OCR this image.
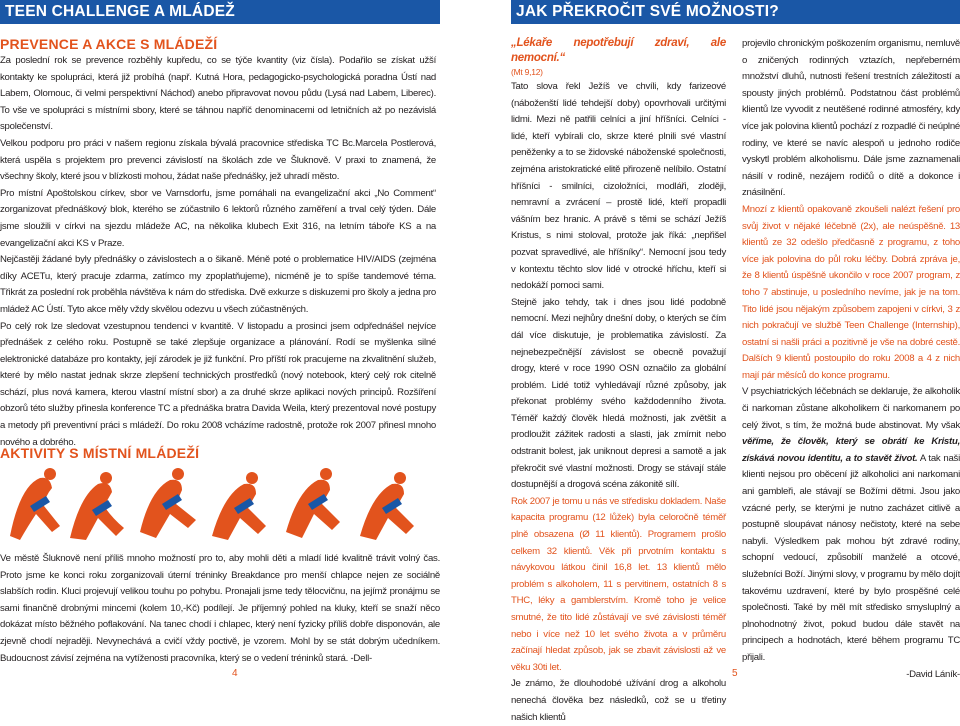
TEEN CHALLENGE A MLÁDEŽ	JAK PŘEKROČIT SVÉ MOŽNOSTI?
PREVENCE A AKCE S MLÁDEŽÍ

Za poslední rok se prevence rozběhly kupředu, co se týče kvantity (viz čísla). Podařilo se získat užší kontakty ke spolupráci, která již probíhá (např. Kutná Hora, pedagogicko-psychologická poradna Ústí nad Labem, Olomouc, či velmi perspektivní Náchod) anebo připravovat novou půdu (Lysá nad Labem, Liberec). To vše ve spolupráci s místními sbory, které se táhnou napříč denominacemi od letničních až po nezávislá společenství.

Velkou podporu pro práci v našem regionu získala bývalá pracovnice střediska TC Bc.Marcela Postlerová, která uspěla s projektem pro prevenci závislostí na školách zde ve Šluknově. V praxi to znamená, že všechny školy, které jsou v blízkosti mohou, žádat naše přednášky, jež uhradí město.

Pro místní Apoštolskou církev, sbor ve Varnsdorfu, jsme pomáhali na evangelizační akci „No Comment“ zorganizovat přednáškový blok, kterého se zúčastnilo 6 lektorů různého zaměření a trval celý týden. Dále jsme sloužili v církvi na sjezdu mládeže AC, na několika klubech Exit 316, na letním táboře KS a na evangelizační akci KS v Praze.

Nejčastěji žádané byly přednášky o závislostech a o šikaně. Méně poté o problematice HIV/AIDS (zejména díky ACETu, který pracuje zdarma, zatímco my zpoplatňujeme), nicméně je to spíše tandemové téma. Třikrát za poslední rok proběhla návštěva k nám do střediska. Dvě exkurze s diskuzemi pro školy a jedna pro mládež AC Ústí. Tyto akce měly vždy skvělou odezvu u všech zúčastněných.

Po celý rok lze sledovat vzestupnou tendenci v kvantitě. V listopadu a prosinci jsem odpřednášel nejvíce přednášek z celého roku. Postupně se také zlepšuje organizace a plánování. Rodí se myšlenka silné elektronické databáze pro kontakty, její zárodek je již funkční. Pro příští rok pracujeme na zkvalitnění služeb, které by mělo nastat jednak skrze zlepšení technických prostředků (nový notebook, který celý rok citelně schází, plus nová kamera, kterou vlastní místní sbor) a za druhé skrze aplikaci nových principů. Rozšíření obzorů této služby přinesla konference TC a přednáška bratra Davida Weila, který prezentoval nové postupy a metody při preventivní práci s mládeží. Do roku 2008 vcházíme radostně, protože rok 2007 přinesl mnoho nového a dobrého.

AKTIVITY S MÍSTNÍ MLÁDEŽÍ

Ve městě Šluknově není příliš mnoho možností pro to, aby mohli děti a mladí lidé kvalitně trávit volný čas. Proto jsme ke konci roku zorganizovali úterní tréninky Breakdance pro menší chlapce nejen ze sociálně slabších rodin. Kluci projevují velikou touhu po pohybu. Pronajali jsme tedy tělocvičnu, na jejímž pronájmu se sami finančně drobnými mincemi (kolem 10,-Kč) podílejí. Je příjemný pohled na kluky, kteří se snaží něco dokázat místo běžného poflakování. Na tanec chodí i chlapec, který není fyzicky příliš dobře disponován, ale zjevně chodí nejraději. Nevynechává a cvičí vždy poctivě, je vzorem. Mohl by se stát dobrým učedníkem. Budoucnost závisí zejména na vytíženosti pracovníka, který se o vedení tréninků stará. -Dell-

„Lékaře nepotřebují zdraví, ale nemocní.“
(Mt 9,12)

Tato slova řekl Ježíš ve chvíli, kdy farizeové (náboženští lidé tehdejší doby) opovrhovali určitými lidmi. Mezi ně patřili celníci a jiní hříšníci. Celníci - lidé, kteří vybírali clo, skrze které plnili své vlastní peněženky a to se židovské náboženské společnosti, zejména aristokratické elitě přirozeně nelíbilo. Ostatní hříšníci - smilníci, cizoložníci, modláři, zloději, nemravní a zvrácení – prostě lidé, kteří propadli vášním bez hranic. A právě s těmi se schází Ježíš Kristus, s nimi stoloval, protože jak říká: „nepřišel pozvat spravedlivé, ale hříšníky“. Nemocní jsou tedy v kontextu těchto slov lidé v otrocké hříchu, kteří si nedokáží pomoci sami.

Stejně jako tehdy, tak i dnes jsou lidé podobně nemocní. Mezi nejhůry dnešní doby, o kterých se čím dál více diskutuje, je problematika závislostí. Za nejnebezpečnější závislost se obecně považují drogy, které v roce 1990 OSN označilo za globální problém. Lidé totiž vyhledávají různé způsoby, jak překonat problémy svého každodenního života. Téměř každý člověk hledá možnosti, jak zvětšit a prodloužit zážitek radosti a slasti, jak zmírnit nebo odstranit bolest, jak uniknout depresi a samotě a jak překročit své vlastní možnosti. Drogy se stávají stále dostupnější a drogová scéna zákonitě sílí.

Rok 2007 je tomu u nás ve středisku dokladem. Naše kapacita programu (12 lůžek) byla celoročně téměř plně obsazena (Ø 11 klientů). Programem prošlo celkem 32 klientů. Věk při prvotním kontaktu s návykovou látkou činil 16,8 let. 13 klientů mělo problém s alkoholem, 11 s pervitinem, ostatních 8 s THC, léky a gamblerstvím. Kromě toho je velice smutné, že tito lidé zůstávají ve své závislosti téměř nebo i více než 10 let svého života a v průměru začínají hledat způsob, jak se zbavit závislosti až ve věku 30ti let.

Je známo, že dlouhodobé užívání drog a alkoholu nenechá člověka bez následků, což se u třetiny našich klientů

projevilo chronickým poškozením organismu, nemluvě o zničených rodinných vztazích, nepřeberném množství dluhů, nutnosti řešení trestních záležitostí a spousty jiných problémů. Podstatnou část problémů klientů lze vyvodit z neutěšené rodinné atmosféry, kdy více jak polovina klientů pochází z rozpadlé či neúplné rodiny, ve které se navíc alespoň u jednoho rodiče vyskytl problém alkoholismu. Dále jsme zaznamenali násilí v rodině, nezájem rodičů o dítě a dokonce i znásilnění.

Mnozí z klientů opakovaně zkoušeli nalézt řešení pro svůj život v nějaké léčebně (2x), ale neúspěšně. 13 klientů ze 32 odešlo předčasně z programu, z toho více jak polovina do půl roku léčby. Dobrá zpráva je, že 8 klientů úspěšně ukončilo v roce 2007 program, z toho 7 abstinuje, u posledního nevíme, jak je na tom. Tito lidé jsou nějakým způsobem zapojeni v církvi, 3 z nich pokračují ve službě Teen Challenge (Internship), ostatní si našli práci a pozitivně je vše na dobré cestě. Dalších 9 klientů postoupilo do roku 2008 a 4 z nich mají pár měsíců do konce programu.

V psychiatrických léčebnách se deklaruje, že alkoholik či narkoman zůstane alkoholikem či narkomanem po celý život, s tím, že možná bude abstinovat. My však věříme, že člověk, který se obrátí ke Kristu, získává novou identitu, a to stavět život. A tak naši klienti nejsou pro oběcení již alkoholici ani narkomani ani gambleři, ale stávají se Božími dětmi. Jsou jako vzácné perly, se kterými je nutno zacházet citlivě a postupně sloupávat nánosy nečistoty, které na sebe nabyli. Výsledkem pak mohou být zdravé rodiny, schopní vedoucí, způsobilí manželé a otcové, služebníci Boží. Jinými slovy, v programu by mělo dojít takovému uzdravení, které by bylo prospěšné celé společnosti. Také by měl mít středisko smysluplný a plnohodnotný život, pokud budou dále stavět na principech a hodnotách, které během programu TC přijali.

-David Láník-

4	5
